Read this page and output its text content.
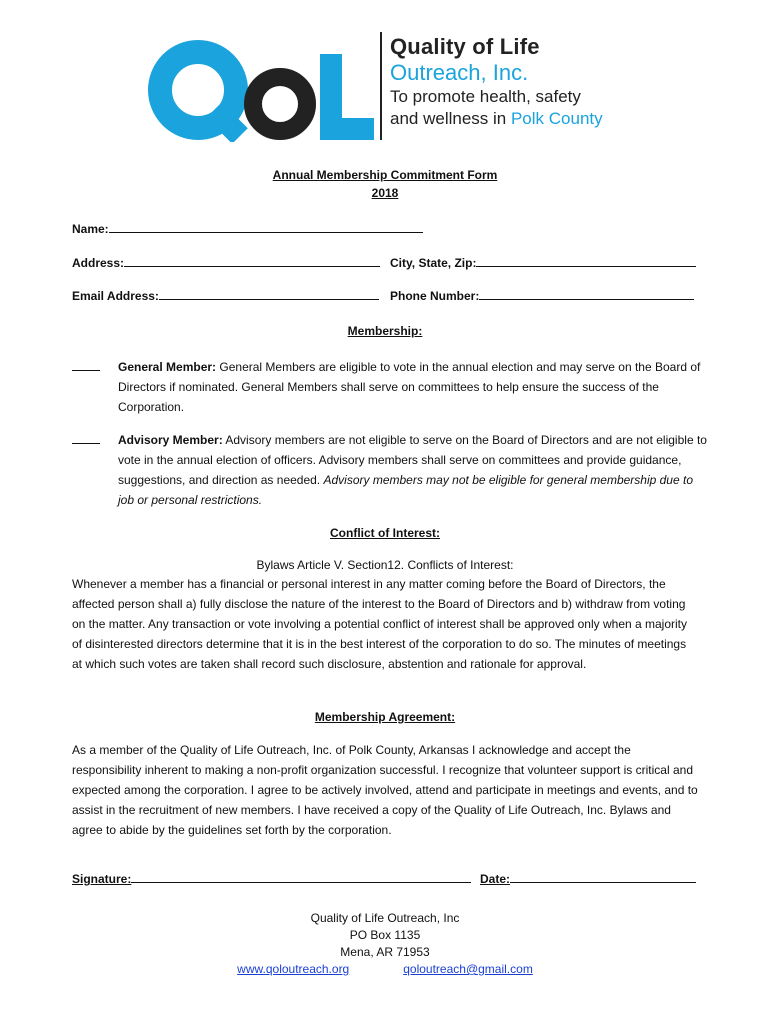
Quality of Life
Outreach, Inc.
To promote health, safety
and wellness in Polk County
Annual Membership Commitment Form
2018
Name:
Address:	City, State, Zip:
Email Address:	Phone Number:
Membership:
General Member: General Members are eligible to vote in the annual election and may serve on the Board of Directors if nominated. General Members shall serve on committees to help ensure the success of the Corporation.
Advisory Member: Advisory members are not eligible to serve on the Board of Directors and are not eligible to vote in the annual election of officers. Advisory members shall serve on committees and provide guidance, suggestions, and direction as needed. Advisory members may not be eligible for general membership due to job or personal restrictions.
Conflict of Interest:
Bylaws Article V. Section12. Conflicts of Interest:
Whenever a member has a financial or personal interest in any matter coming before the Board of Directors, the affected person shall a) fully disclose the nature of the interest to the Board of Directors and b) withdraw from voting on the matter. Any transaction or vote involving a potential conflict of interest shall be approved only when a majority of disinterested directors determine that it is in the best interest of the corporation to do so. The minutes of meetings at which such votes are taken shall record such disclosure, abstention and rationale for approval.
Membership Agreement:
As a member of the Quality of Life Outreach, Inc. of Polk County, Arkansas I acknowledge and accept the responsibility inherent to making a non-profit organization successful. I recognize that volunteer support is critical and expected among the corporation. I agree to be actively involved, attend and participate in meetings and events, and to assist in the recruitment of new members. I have received a copy of the Quality of Life Outreach, Inc. Bylaws and agree to abide by the guidelines set forth by the corporation.
Signature:	Date:
Quality of Life Outreach, Inc
PO Box 1135
Mena, AR 71953
www.qoloutreach.org	qoloutreach@gmail.com
